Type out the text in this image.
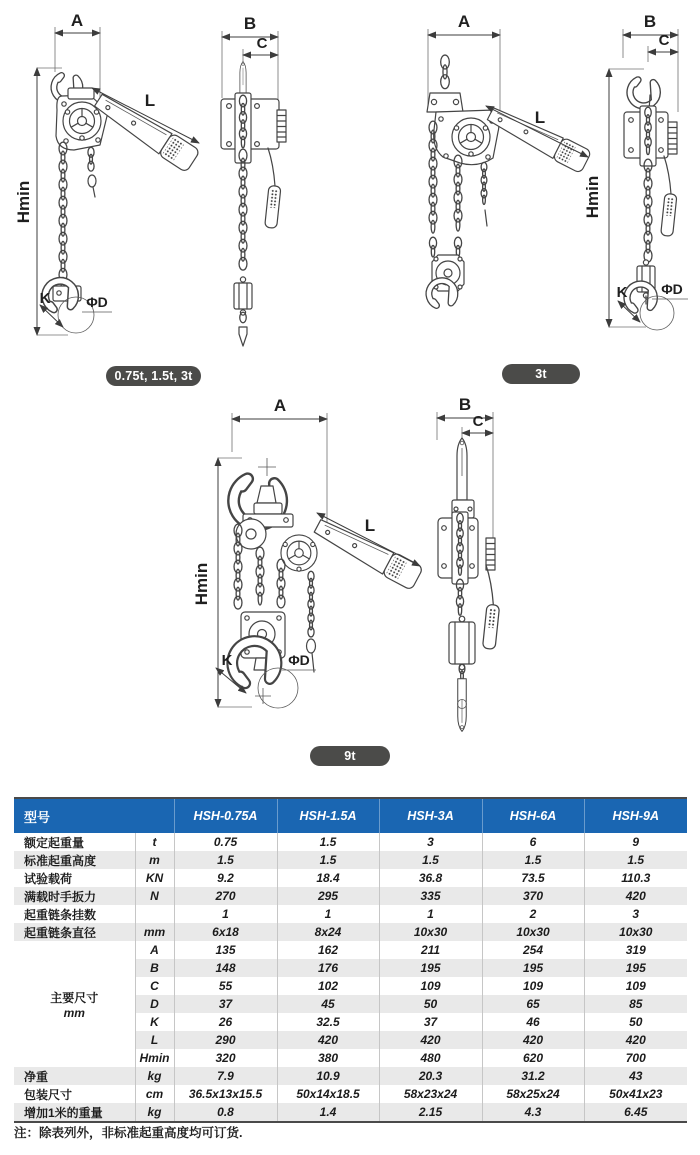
A
Hmin
L
K	ΦD
B
C
A
L
B
C
Hmin
K ΦD
A
Hmin
L
K	ΦD
B
C
0.75t, 1.5t, 3t	3t
9t
型号		HSH-0.75A	HSH-1.5A	HSH-3A	HSH-6A	HSH-9A
额定起重量	t	0.75	1.5	3	6	9
标准起重高度	m	1.5	1.5	1.5	1.5	1.5
试验载荷	KN	9.2	18.4	36.8	73.5	110.3
满载时手扳力	N	270	295	335	370	420
起重链条挂数		1	1	1	2	3
起重链条直径	mm	6x18	8x24	10x30	10x30	10x30

主要尺寸
mm	A	135	162	211	254	319
	B	148	176	195	195	195
	C	55	102	109	109	109
	D	37	45	50	65	85
	K	26	32.5	37	46	50
	L	290	420	420	420	420
	Hmin	320	380	480	620	700
净重	kg	7.9	10.9	20.3	31.2	43
包装尺寸	cm	36.5x13x15.5	50x14x18.5	58x23x24	58x25x24	50x41x23
增加1米的重量	kg	0.8	1.4	2.15	4.3	6.45
注：除表列外，非标准起重高度均可订货.
